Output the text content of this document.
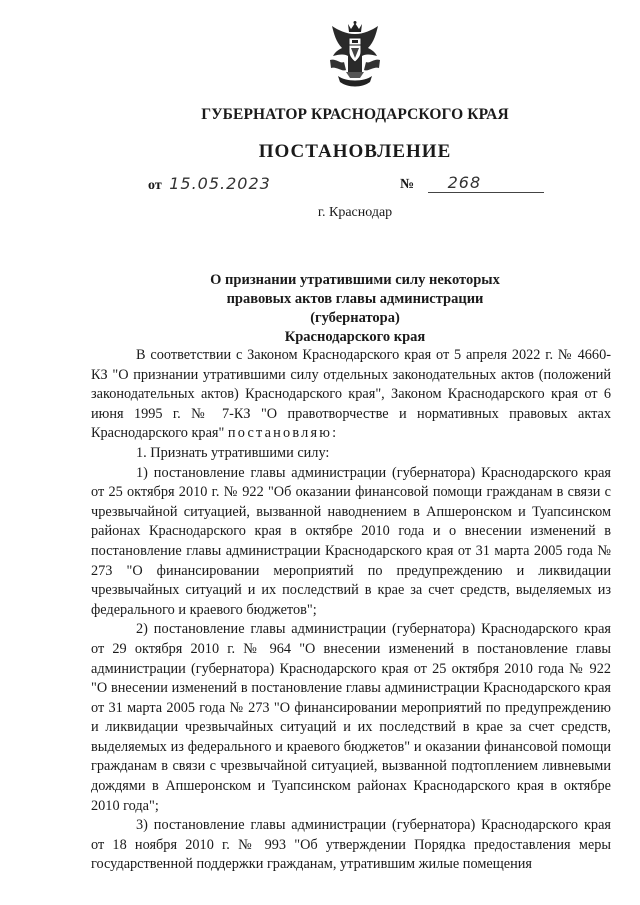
ГУБЕРНАТОР КРАСНОДАРСКОГО КРАЯ
ПОСТАНОВЛЕНИЕ
от 15.05.2023	№ 268
г. Краснодар
О признании утратившими силу некоторых
правовых актов главы администрации (губернатора)
Краснодарского края

В соответствии с Законом Краснодарского края от 5 апреля 2022 г. № 4660-КЗ "О признании утратившими силу отдельных законодательных актов (положений законодательных актов) Краснодарского края", Законом Краснодарского края от 6 июня 1995 г. № 7-КЗ "О правотворчестве и нормативных правовых актах Краснодарского края" постановляю:

1. Признать утратившими силу:

1) постановление главы администрации (губернатора) Краснодарского края от 25 октября 2010 г. № 922 "Об оказании финансовой помощи гражданам в связи с чрезвычайной ситуацией, вызванной наводнением в Апшеронском и Туапсинском районах Краснодарского края в октябре 2010 года и о внесении изменений в постановление главы администрации Краснодарского края от 31 марта 2005 года № 273 "О финансировании мероприятий по предупреждению и ликвидации чрезвычайных ситуаций и их последствий в крае за счет средств, выделяемых из федерального и краевого бюджетов";

2) постановление главы администрации (губернатора) Краснодарского края от 29 октября 2010 г. № 964 "О внесении изменений в постановление главы администрации (губернатора) Краснодарского края от 25 октября 2010 года № 922 "О внесении изменений в постановление главы администрации Краснодарского края от 31 марта 2005 года № 273 "О финансировании мероприятий по предупреждению и ликвидации чрезвычайных ситуаций и их последствий в крае за счет средств, выделяемых из федерального и краевого бюджетов" и оказании финансовой помощи гражданам в связи с чрезвычайной ситуацией, вызванной подтоплением ливневыми дождями в Апшеронском и Туапсинском районах Краснодарского края в октябре 2010 года";

3) постановление главы администрации (губернатора) Краснодарского края от 18 ноября 2010 г. № 993 "Об утверждении Порядка предоставления меры государственной поддержки гражданам, утратившим жилые помещения
